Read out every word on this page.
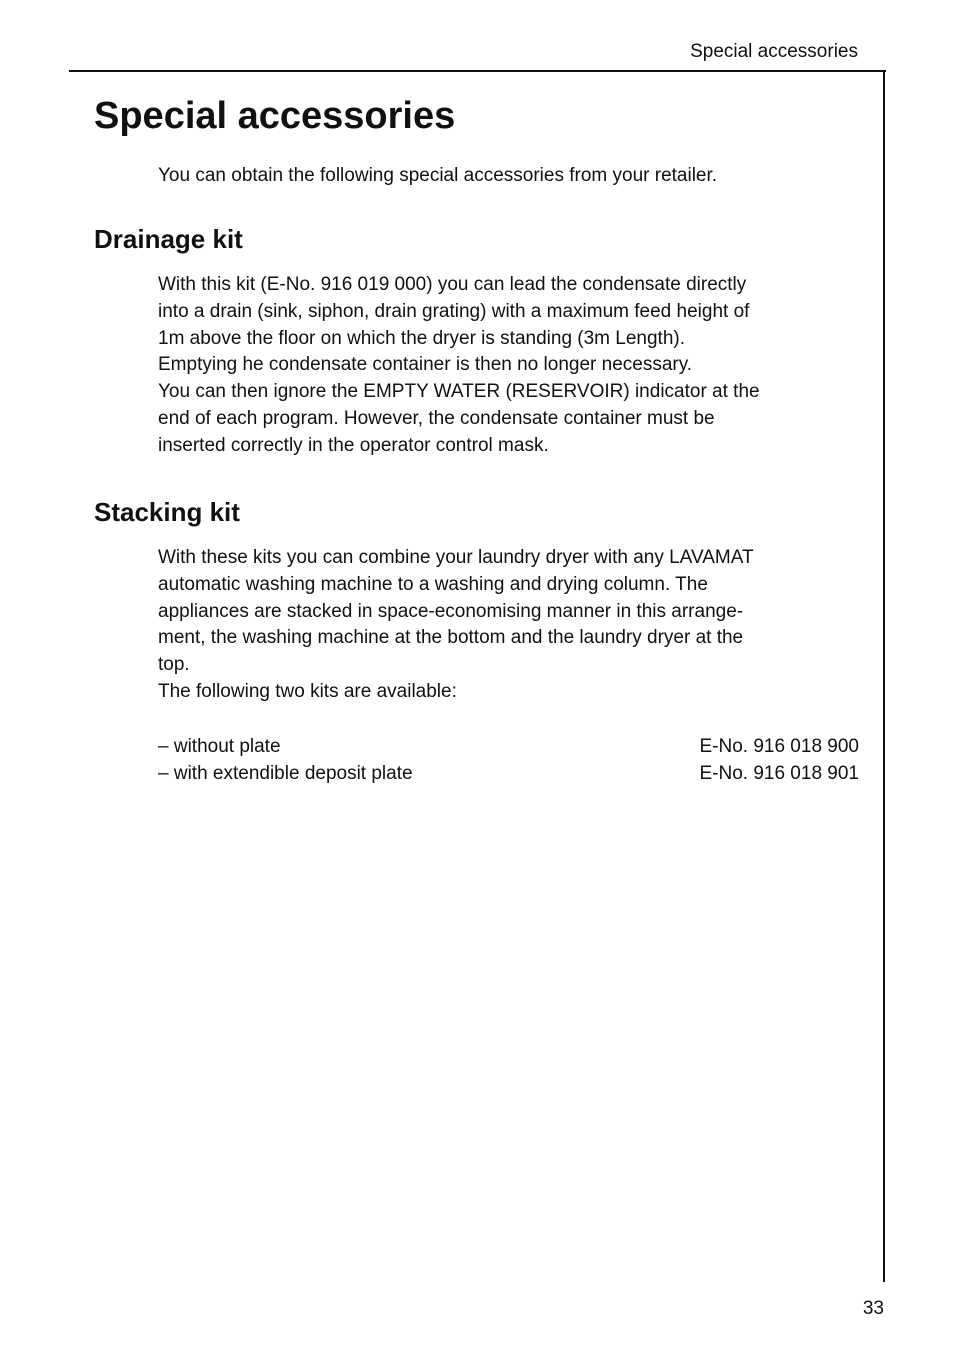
Special accessories
Special accessories

You can obtain the following special accessories from your retailer.

Drainage kit

With this kit (E-No. 916 019 000) you can lead the condensate directly
into a drain (sink, siphon, drain grating) with a maximum feed height of
1m above the floor on which the dryer is standing (3m Length).
Emptying he condensate container is then no longer necessary.
You can then ignore the EMPTY WATER (RESERVOIR) indicator at the
end of each program. However, the condensate container must be
inserted correctly in the operator control mask.

Stacking kit

With these kits you can combine your laundry dryer with any LAVAMAT
automatic washing machine to a washing and drying column. The
appliances are stacked in space-economising manner in this arrange-
ment, the washing machine at the bottom and the laundry dryer at the
top.
The following two kits are available:

– without plate	E-No. 916 018 900
– with extendible deposit plate	E-No. 916 018 901
33
